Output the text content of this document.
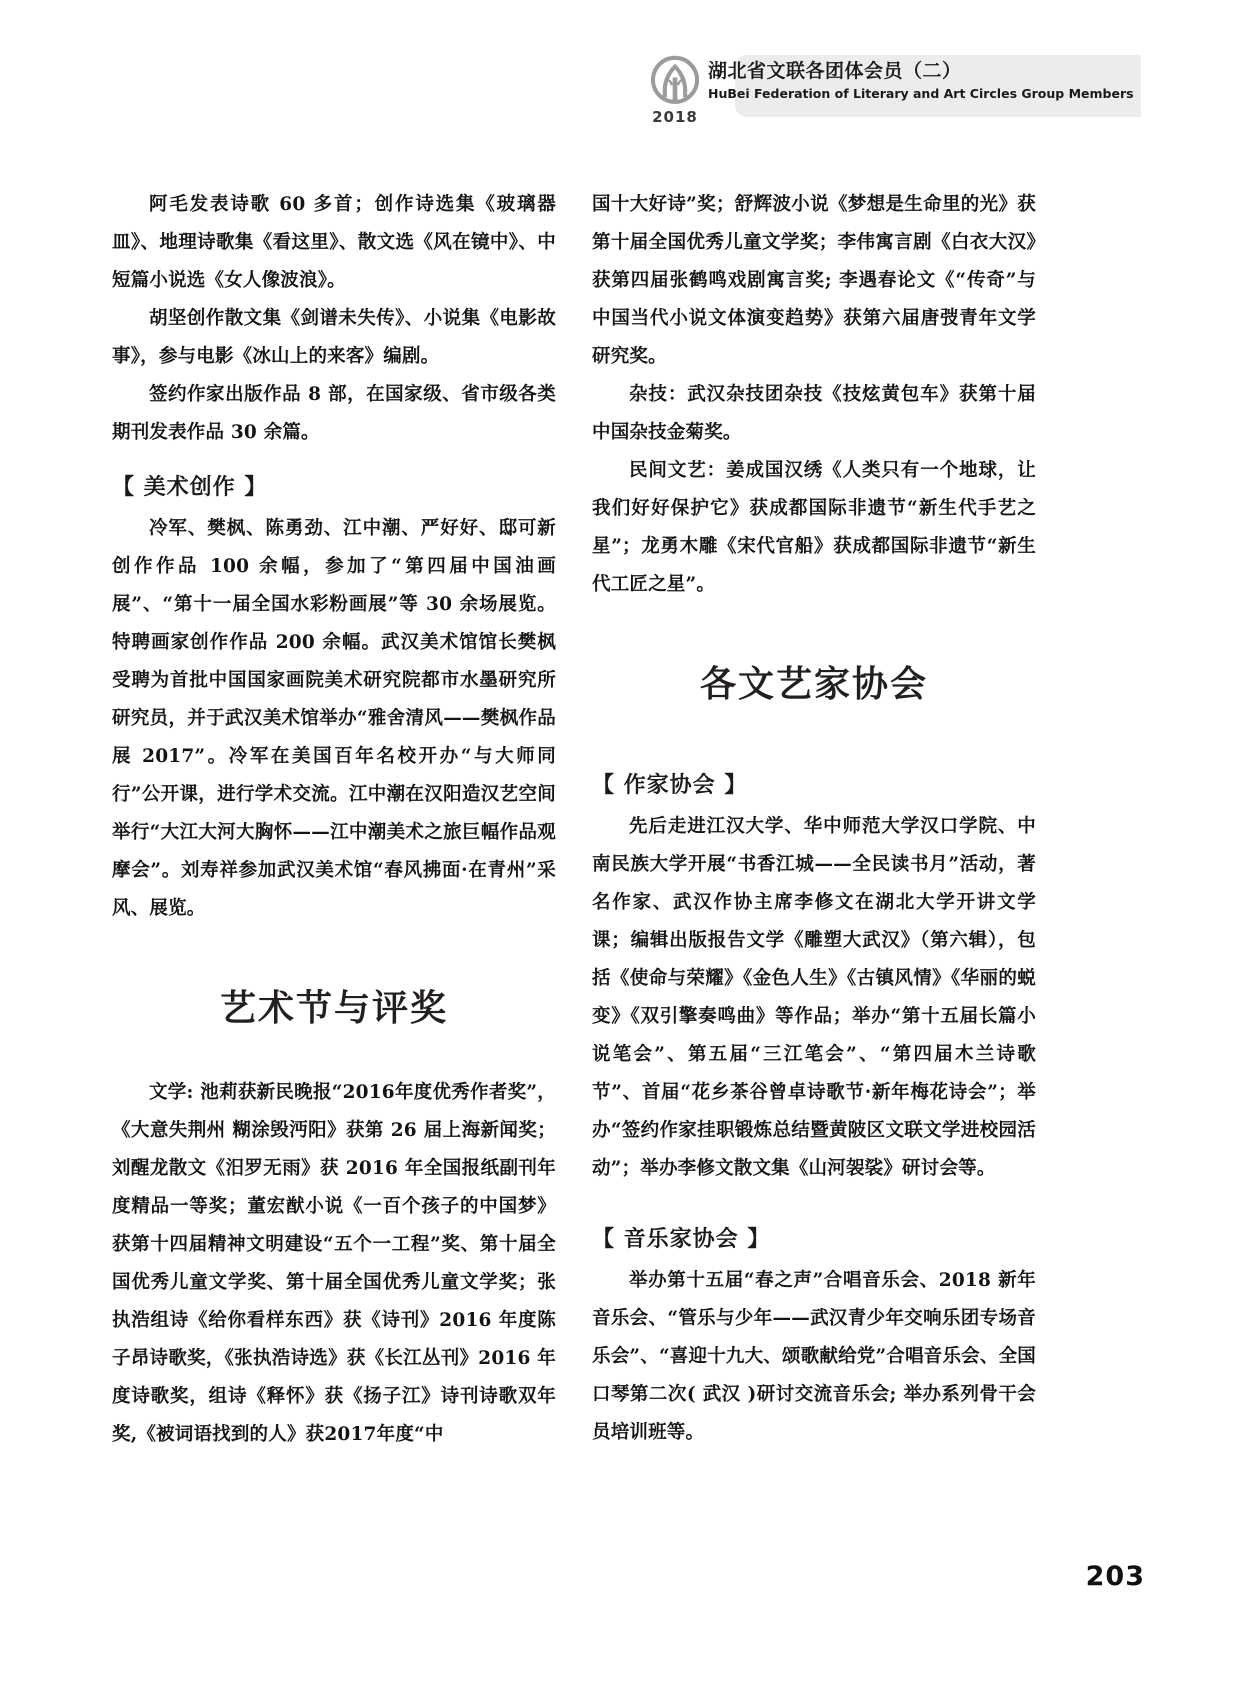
2018
湖北省文联各团体会员（二）
HuBei Federation of Literary and Art Circles Group Members

阿毛发表诗歌 60 多首；创作诗选集《玻璃器皿》、地理诗歌集《看这里》、散文选《风在镜中》、中短篇小说选《女人像波浪》。

胡坚创作散文集《剑谱未失传》、小说集《电影故事》，参与电影《冰山上的来客》编剧。

签约作家出版作品 8 部，在国家级、省市级各类期刊发表作品 30 余篇。

【 美术创作 】

冷军、樊枫、陈勇劲、江中潮、严好好、邸可新创作作品 100 余幅，参加了“第四届中国油画展”、“第十一届全国水彩粉画展”等 30 余场展览。特聘画家创作作品 200 余幅。武汉美术馆馆长樊枫受聘为首批中国国家画院美术研究院都市水墨研究所研究员，并于武汉美术馆举办“雅舍清风——樊枫作品展 2017”。冷军在美国百年名校开办“与大师同行”公开课，进行学术交流。江中潮在汉阳造汉艺空间举行“大江大河大胸怀——江中潮美术之旅巨幅作品观摩会”。刘寿祥参加武汉美术馆“春风拂面·在青州”采风、展览。

艺术节与评奖

文学: 池莉获新民晚报“2016年度优秀作者奖”，《大意失荆州 糊涂毁沔阳》获第 26 届上海新闻奖；刘醒龙散文《汨罗无雨》获 2016 年全国报纸副刊年度精品一等奖；董宏猷小说《一百个孩子的中国梦》获第十四届精神文明建设“五个一工程”奖、第十届全国优秀儿童文学奖、第十届全国优秀儿童文学奖；张执浩组诗《给你看样东西》获《诗刊》2016 年度陈子昂诗歌奖，《张执浩诗选》获《长江丛刊》2016 年度诗歌奖，组诗《释怀》获《扬子江》诗刊诗歌双年奖,《被词语找到的人》获2017年度“中

国十大好诗”奖；舒辉波小说《梦想是生命里的光》获第十届全国优秀儿童文学奖；李伟寓言剧《白衣大汉》获第四届张鹤鸣戏剧寓言奖; 李遇春论文《“传奇”与中国当代小说文体演变趋势》获第六届唐弢青年文学研究奖。

杂技：武汉杂技团杂技《技炫黄包车》获第十届中国杂技金菊奖。

民间文艺：姜成国汉绣《人类只有一个地球，让我们好好保护它》获成都国际非遗节“新生代手艺之星”；龙勇木雕《宋代官船》获成都国际非遗节“新生代工匠之星”。

各文艺家协会
【 作家协会 】

先后走进江汉大学、华中师范大学汉口学院、中南民族大学开展“书香江城——全民读书月”活动，著名作家、武汉作协主席李修文在湖北大学开讲文学课；编辑出版报告文学《雕塑大武汉》（第六辑），包括《使命与荣耀》《金色人生》《古镇风情》《华丽的蜕变》《双引擎奏鸣曲》等作品；举办“第十五届长篇小说笔会”、第五届“三江笔会”、“第四届木兰诗歌节”、首届“花乡茶谷曾卓诗歌节·新年梅花诗会”；举办“签约作家挂职锻炼总结暨黄陂区文联文学进校园活动”；举办李修文散文集《山河袈裟》研讨会等。

【 音乐家协会 】

举办第十五届“春之声”合唱音乐会、2018 新年音乐会、“管乐与少年——武汉青少年交响乐团专场音乐会”、“喜迎十九大、颂歌献给党”合唱音乐会、全国口琴第二次( 武汉 )研讨交流音乐会; 举办系列骨干会员培训班等。

203
